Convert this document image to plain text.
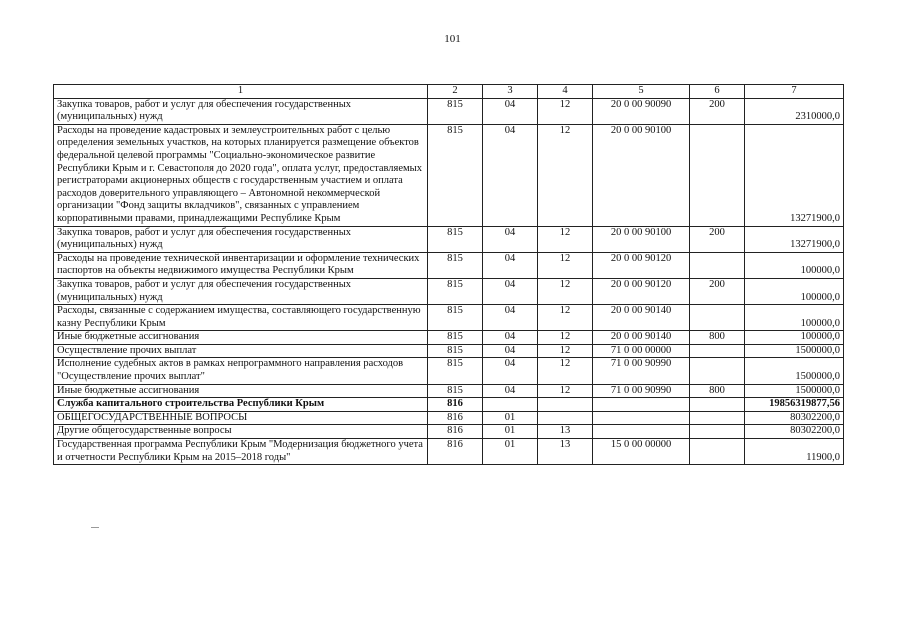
101
1	2	3	4	5	6	7
Закупка товаров, работ и услуг для обеспечения государственных (муниципальных) нужд	815	04	12	20 0 00 90090	200	2310000,0
Расходы на проведение кадастровых и землеустроительных работ с целью определения земельных участков, на которых планируется размещение объектов федеральной целевой программы "Социально-экономическое развитие Республики Крым и г. Севастополя до 2020 года", оплата услуг, предоставляемых регистраторами акционерных обществ с государственным участием и оплата расходов доверительного управляющего – Автономной некоммерческой организации "Фонд защиты вкладчиков", связанных с управлением корпоративными правами, принадлежащими Республике Крым	815	04	12	20 0 00 90100		13271900,0
Закупка товаров, работ и услуг для обеспечения государственных (муниципальных) нужд	815	04	12	20 0 00 90100	200	13271900,0
Расходы на проведение технической инвентаризации и оформление технических паспортов на объекты недвижимого имущества Республики Крым	815	04	12	20 0 00 90120		100000,0
Закупка товаров, работ и услуг для обеспечения государственных (муниципальных) нужд	815	04	12	20 0 00 90120	200	100000,0
Расходы, связанные с содержанием имущества, составляющего государственную казну Республики Крым	815	04	12	20 0 00 90140		100000,0
Иные бюджетные ассигнования	815	04	12	20 0 00 90140	800	100000,0
Осуществление прочих выплат	815	04	12	71 0 00 00000		1500000,0
Исполнение судебных актов в рамках непрограммного направления расходов "Осуществление прочих выплат"	815	04	12	71 0 00 90990		1500000,0
Иные бюджетные ассигнования	815	04	12	71 0 00 90990	800	1500000,0
Служба капитального строительства Республики Крым	816					19856319877,56
ОБЩЕГОСУДАРСТВЕННЫЕ ВОПРОСЫ	816	01				80302200,0
Другие общегосударственные вопросы	816	01	13			80302200,0
Государственная программа Республики Крым "Модернизация бюджетного учета и отчетности Республики Крым на 2015–2018 годы"	816	01	13	15 0 00 00000		11900,0
